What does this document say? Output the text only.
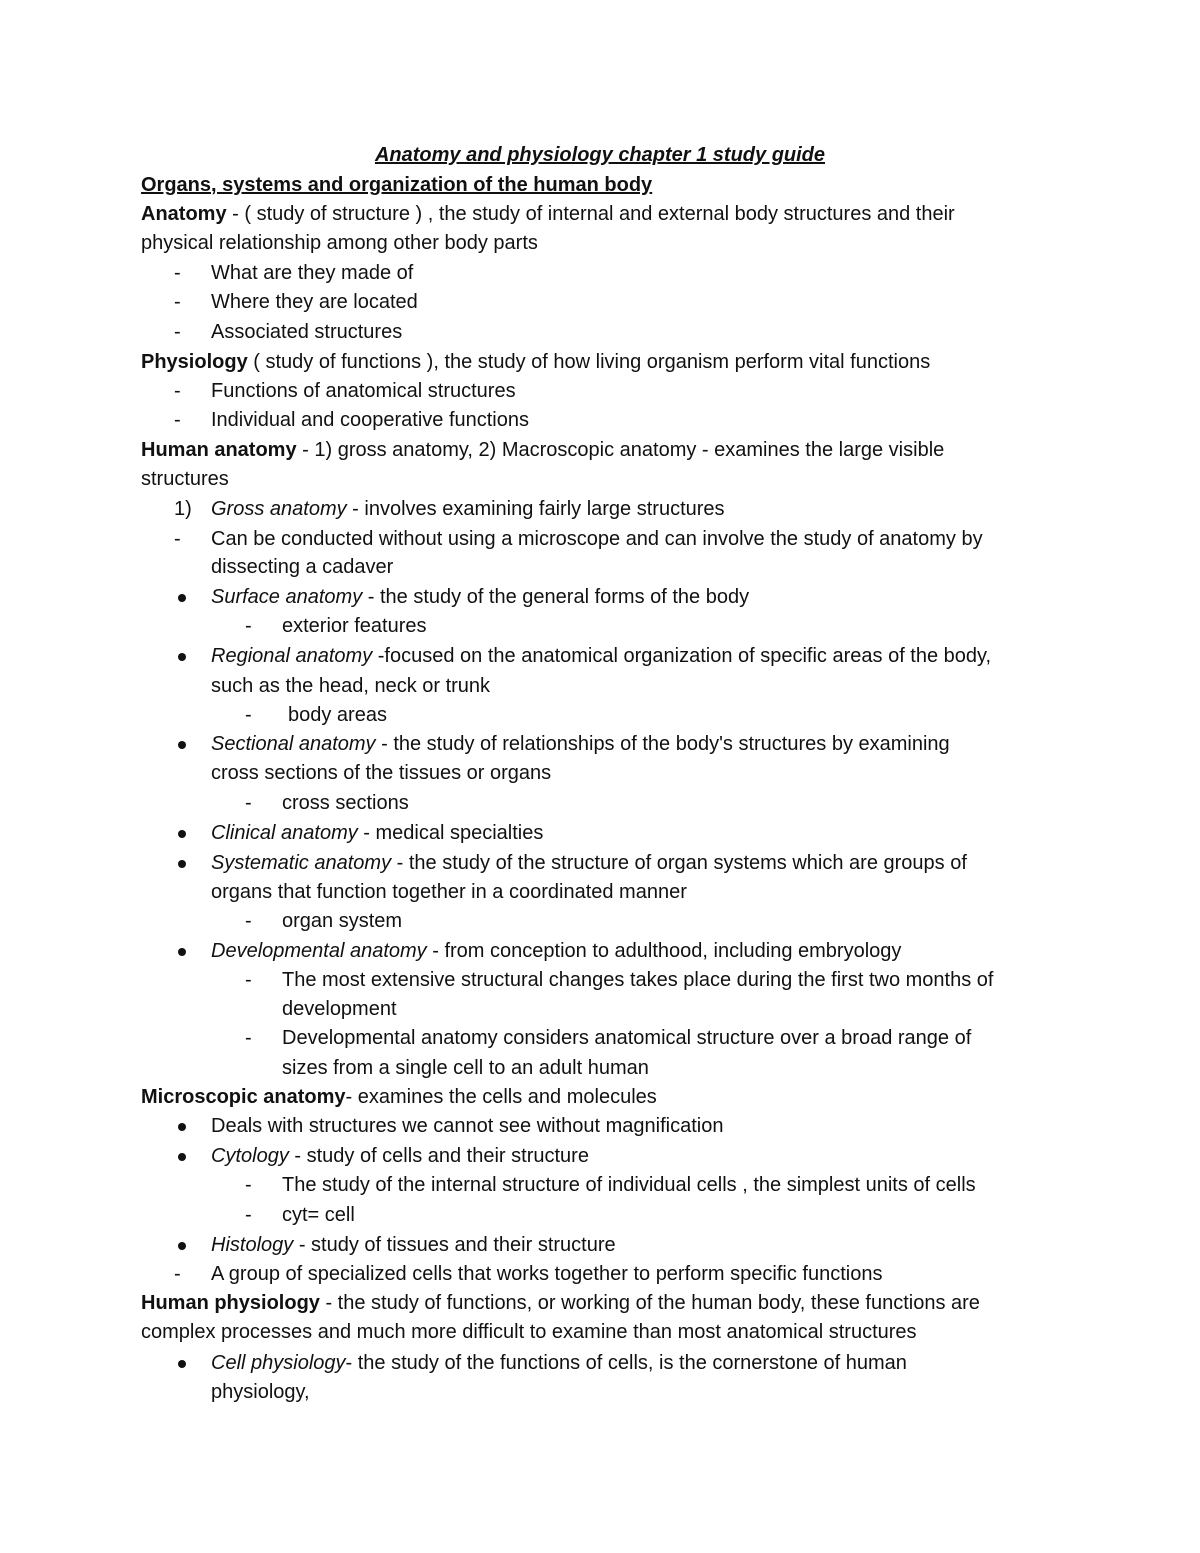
Anatomy and physiology chapter 1 study guide
Organs, systems and organization of the human body
Anatomy - ( study of structure ) , the study of internal and external body structures and their
physical relationship among other body parts
- What are they made of
- Where they are located
- Associated structures
Physiology ( study of functions ), the study of how living organism perform vital functions
- Functions of anatomical structures
- Individual and cooperative functions
Human anatomy - 1) gross anatomy, 2) Macroscopic anatomy - examines the large visible
structures
1) Gross anatomy - involves examining fairly large structures
- Can be conducted without using a microscope and can involve the study of anatomy by
dissecting a cadaver
Surface anatomy - the study of the general forms of the body
- exterior features
Regional anatomy -focused on the anatomical organization of specific areas of the body,
such as the head, neck or trunk
- body areas
Sectional anatomy - the study of relationships of the body's structures by examining
cross sections of the tissues or organs
- cross sections
Clinical anatomy - medical specialties
Systematic anatomy - the study of the structure of organ systems which are groups of
organs that function together in a coordinated manner
- organ system
Developmental anatomy - from conception to adulthood, including embryology
- The most extensive structural changes takes place during the first two months of
development
- Developmental anatomy considers anatomical structure over a broad range of
sizes from a single cell to an adult human
Microscopic anatomy- examines the cells and molecules
Deals with structures we cannot see without magnification
Cytology - study of cells and their structure
- The study of the internal structure of individual cells , the simplest units of cells
- cyt= cell
Histology - study of tissues and their structure
- A group of specialized cells that works together to perform specific functions
Human physiology - the study of functions, or working of the human body, these functions are
complex processes and much more difficult to examine than most anatomical structures
Cell physiology- the study of the functions of cells, is the cornerstone of human
physiology,
